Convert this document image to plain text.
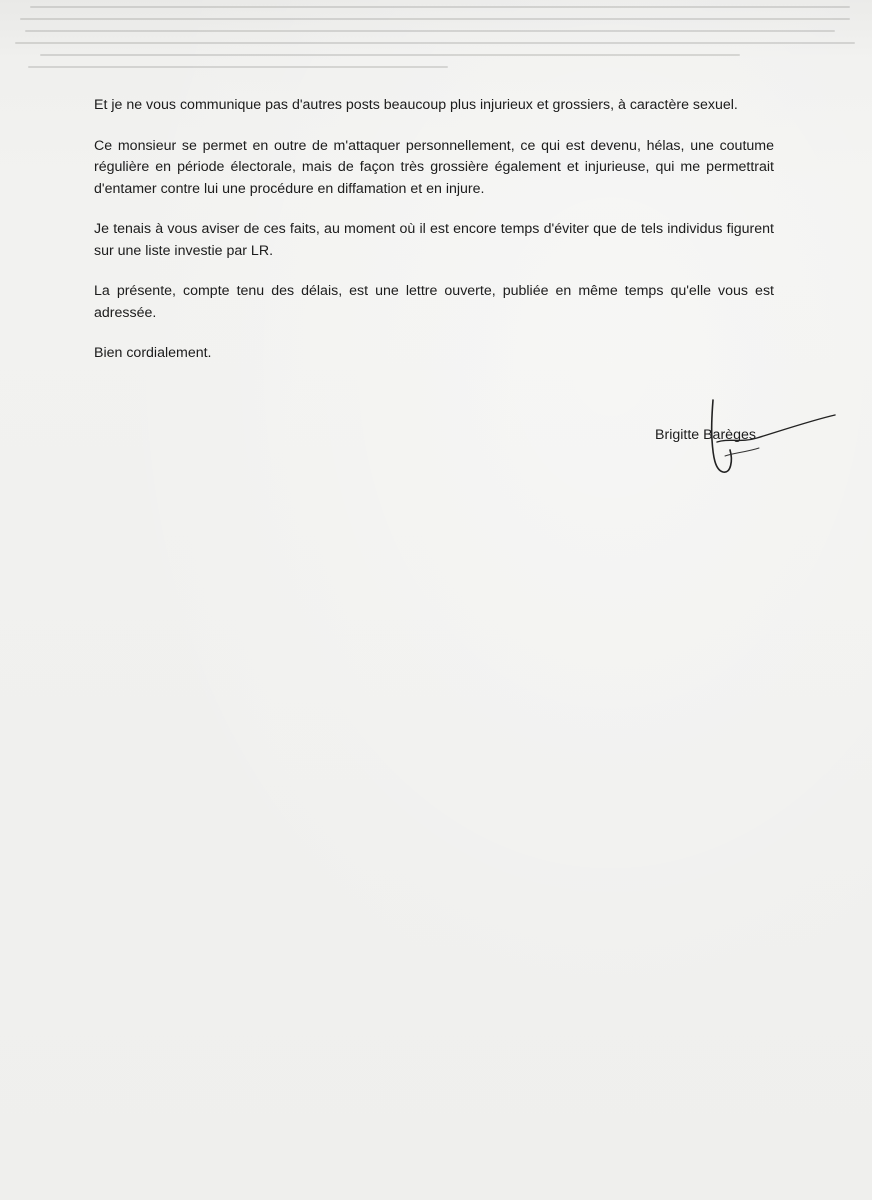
Et je ne vous communique pas d'autres posts beaucoup plus injurieux et grossiers, à caractère sexuel.

Ce monsieur se permet en outre de m'attaquer personnellement, ce qui est devenu, hélas, une coutume régulière en période électorale, mais de façon très grossière également et injurieuse, qui me permettrait d'entamer contre lui une procédure en diffamation et en injure.

Je tenais à vous aviser de ces faits, au moment où il est encore temps d'éviter que de tels individus figurent sur une liste investie par LR.

La présente, compte tenu des délais, est une lettre ouverte, publiée en même temps qu'elle vous est adressée.

Bien cordialement.

Brigitte Barèges
